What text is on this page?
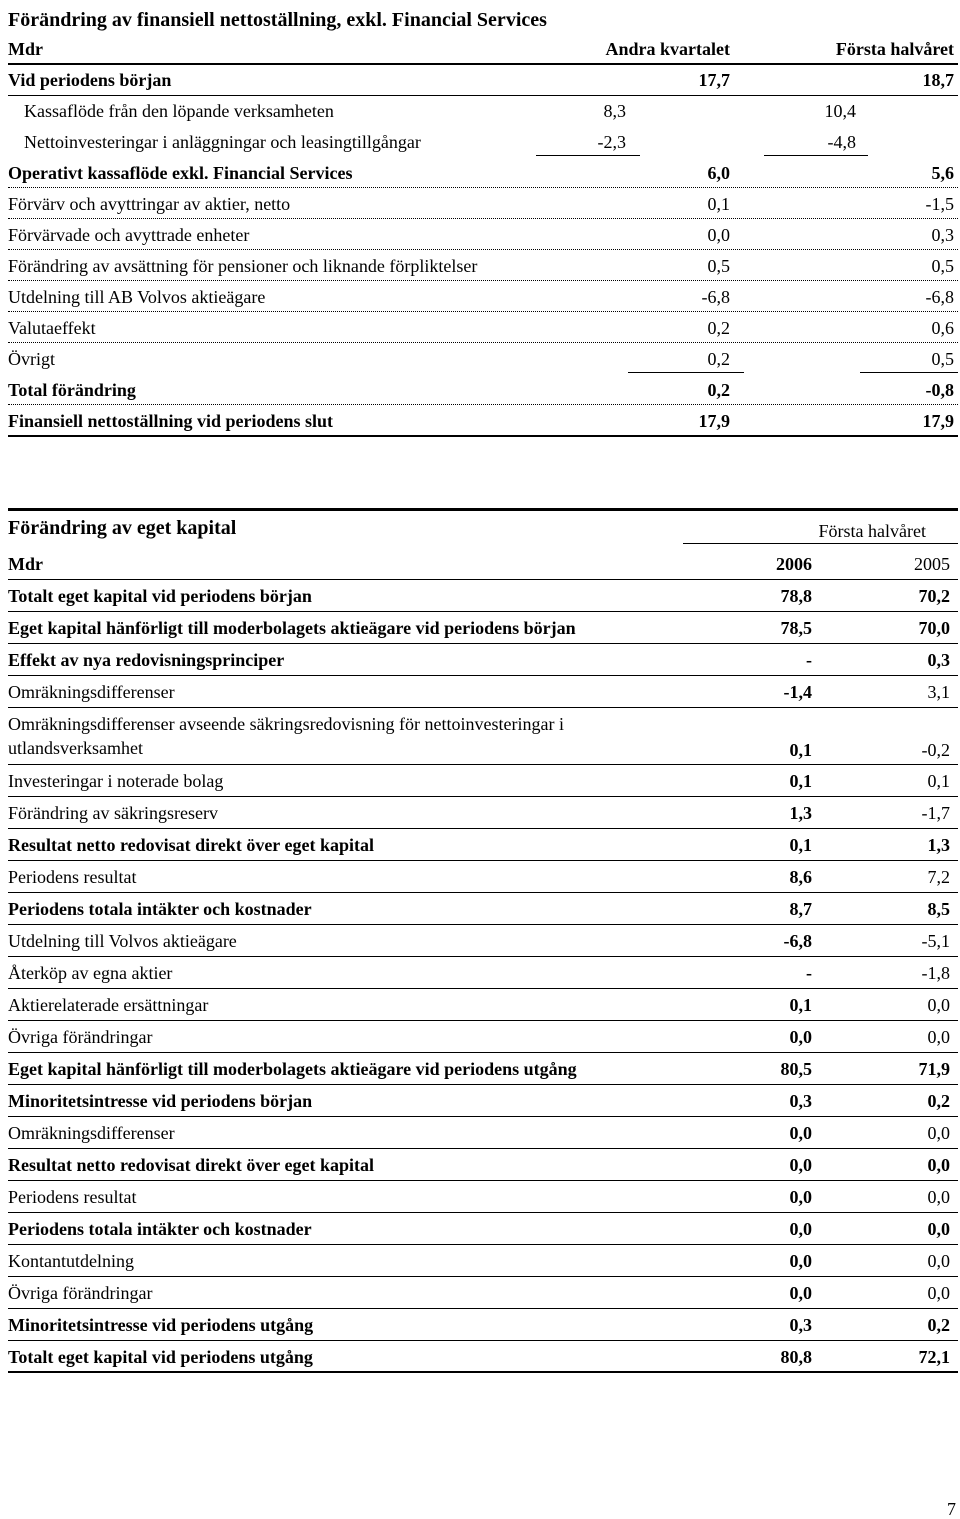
Förändring av finansiell nettoställning, exkl. Financial Services
Mdr	Andra kvartalet	Första halvåret
Vid periodens början	17,7	18,7
Kassaflöde från den löpande verksamheten	8,3	10,4
Nettoinvesteringar i anläggningar och leasingtillgångar	-2,3	-4,8
Operativt kassaflöde exkl. Financial Services	6,0	5,6
Förvärv och avyttringar av aktier, netto	0,1	-1,5
Förvärvade och avyttrade enheter	0,0	0,3
Förändring av avsättning för pensioner och liknande förpliktelser	0,5	0,5
Utdelning till AB Volvos aktieägare	-6,8	-6,8
Valutaeffekt	0,2	0,6
Övrigt	0,2	0,5
Total förändring	0,2	-0,8
Finansiell nettoställning vid periodens slut	17,9	17,9
Förändring av eget kapital	Första halvåret
Mdr	2006	2005
Totalt eget kapital vid periodens början	78,8	70,2
Eget kapital hänförligt till moderbolagets aktieägare vid periodens början	78,5	70,0
Effekt av nya redovisningsprinciper	-	0,3
Omräkningsdifferenser	-1,4	3,1
Omräkningsdifferenser avseende säkringsredovisning för nettoinvesteringar i utlandsverksamhet	0,1	-0,2
Investeringar i noterade bolag	0,1	0,1
Förändring av säkringsreserv	1,3	-1,7
Resultat netto redovisat direkt över eget kapital	0,1	1,3
Periodens resultat	8,6	7,2
Periodens totala intäkter och kostnader	8,7	8,5
Utdelning till Volvos aktieägare	-6,8	-5,1
Återköp av egna aktier	-	-1,8
Aktierelaterade ersättningar	0,1	0,0
Övriga förändringar	0,0	0,0
Eget kapital hänförligt till moderbolagets aktieägare vid periodens utgång	80,5	71,9
Minoritetsintresse vid periodens början	0,3	0,2
Omräkningsdifferenser	0,0	0,0
Resultat netto redovisat direkt över eget kapital	0,0	0,0
Periodens resultat	0,0	0,0
Periodens totala intäkter och kostnader	0,0	0,0
Kontantutdelning	0,0	0,0
Övriga förändringar	0,0	0,0
Minoritetsintresse vid periodens utgång	0,3	0,2
Totalt eget kapital vid periodens utgång	80,8	72,1
7
